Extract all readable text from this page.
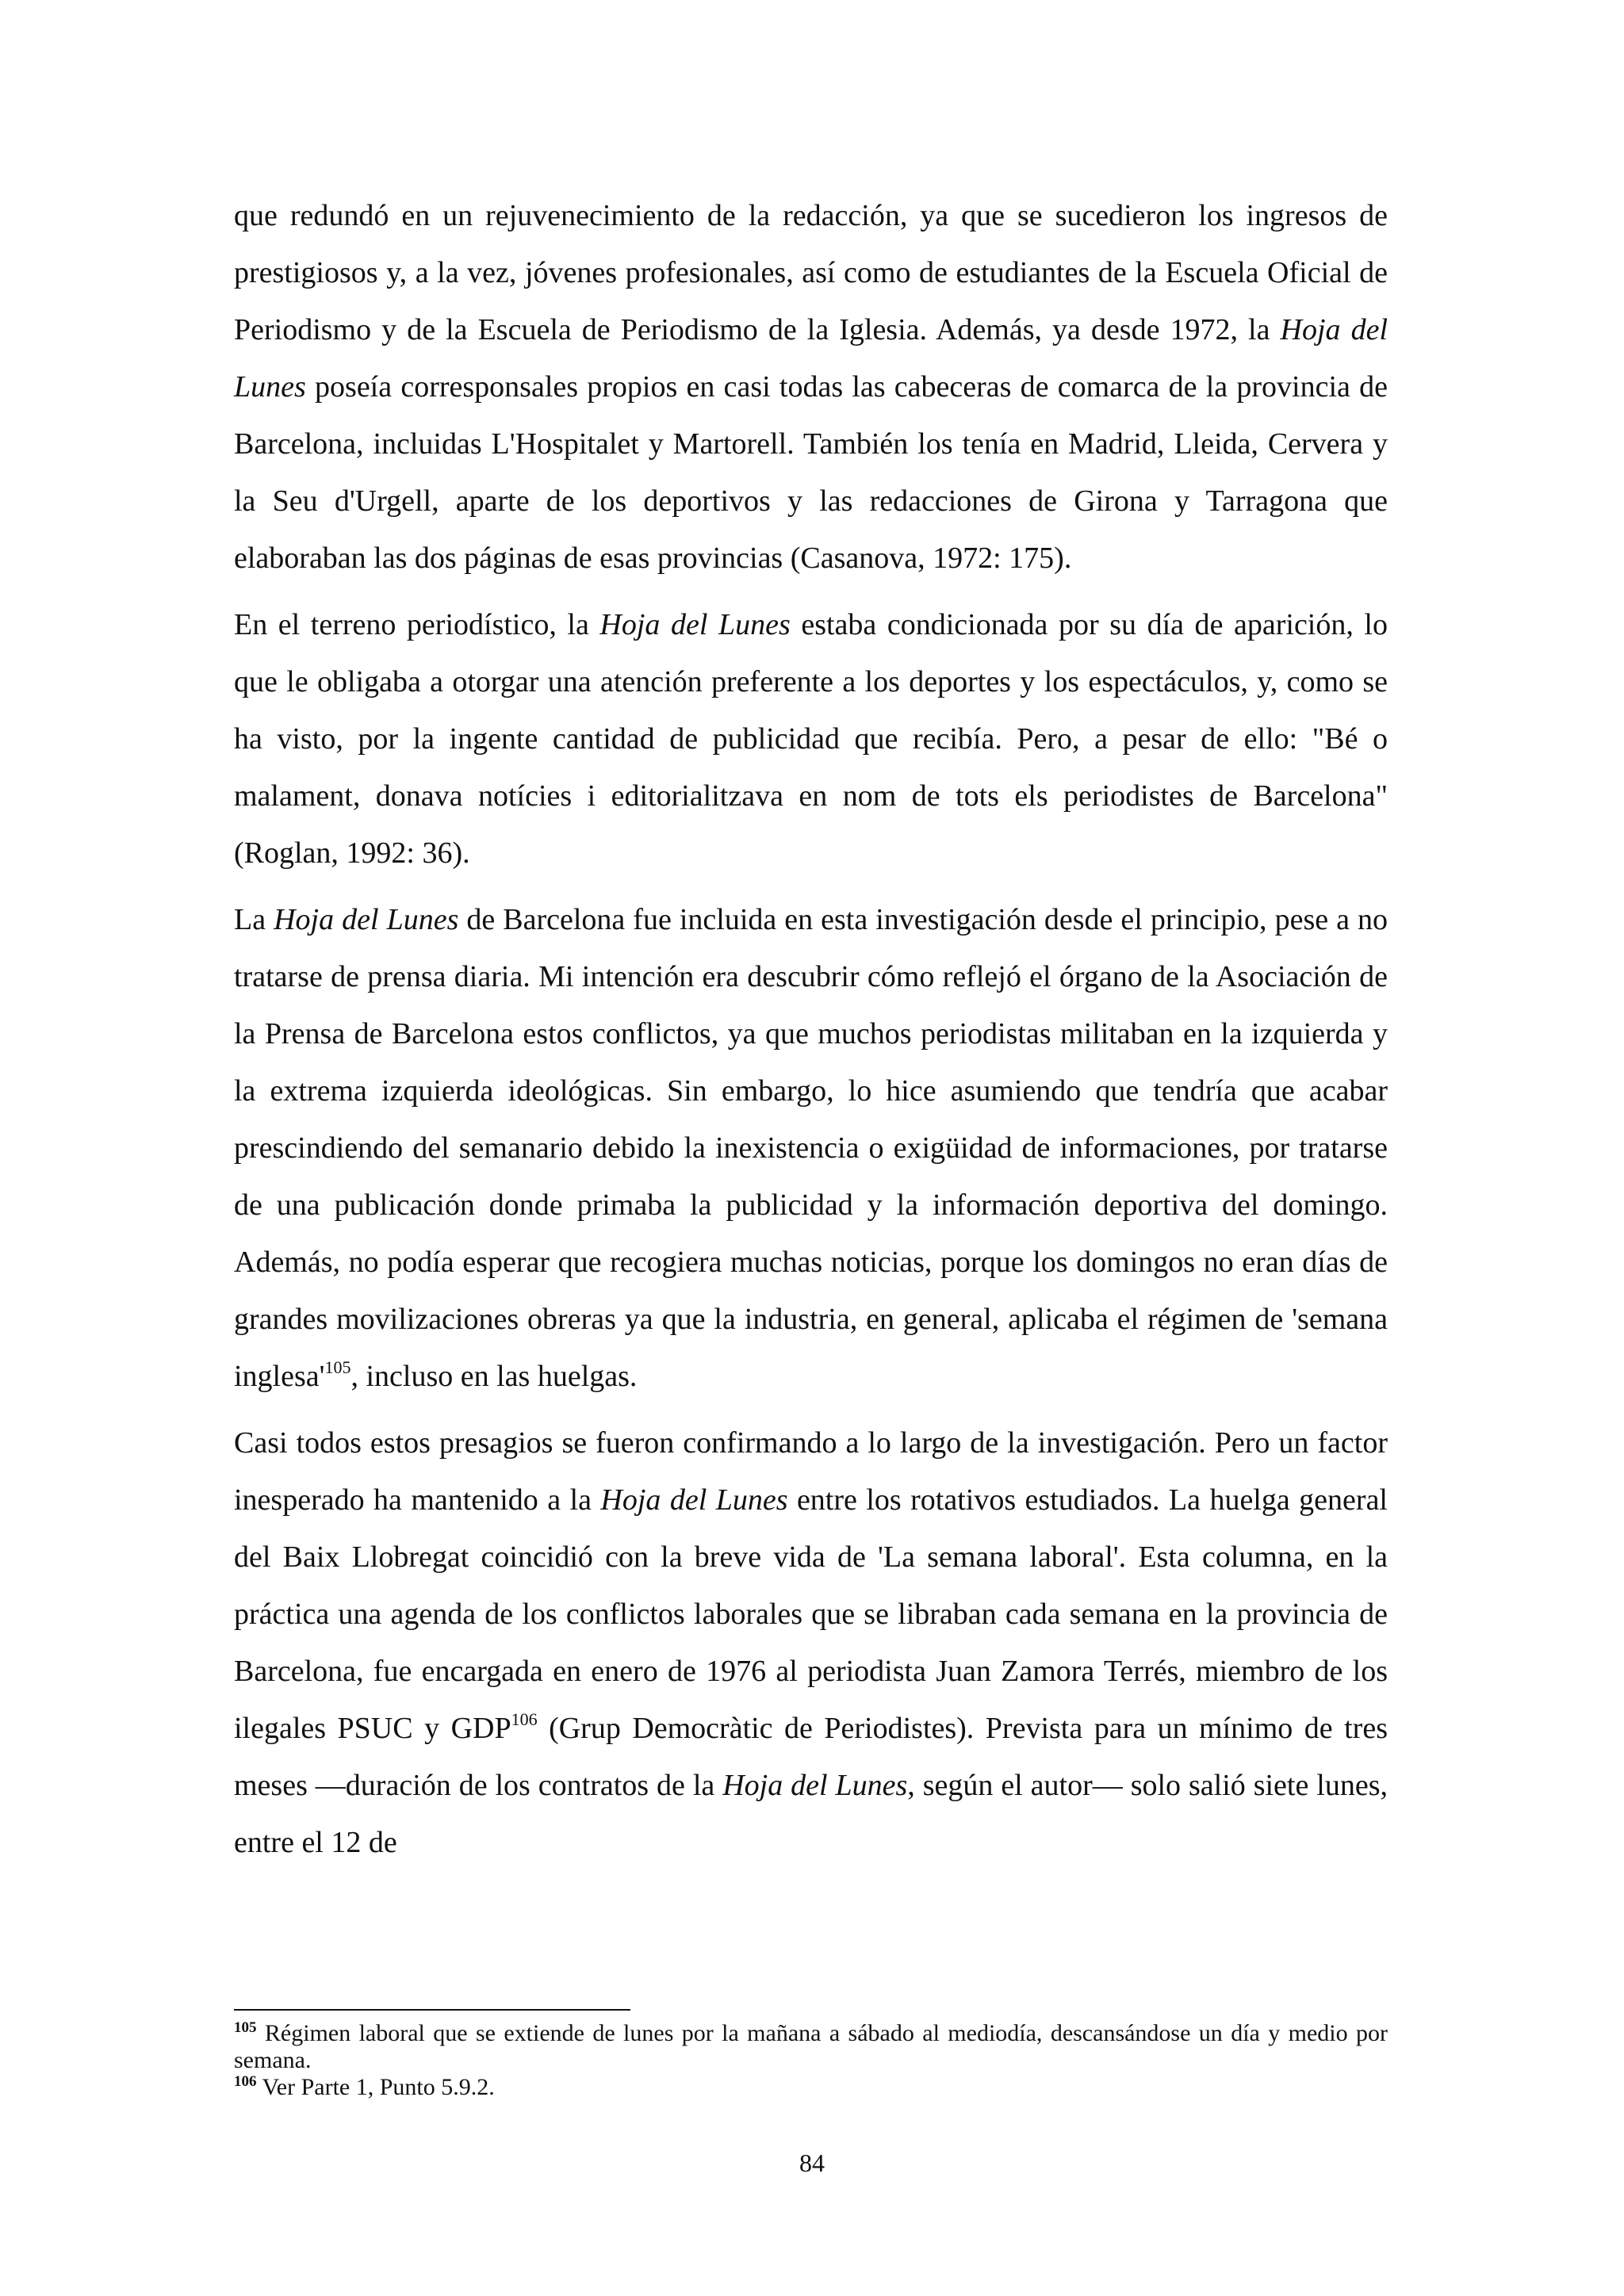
que redundó en un rejuvenecimiento de la redacción, ya que se sucedieron los ingresos de prestigiosos y, a la vez, jóvenes profesionales, así como de estudiantes de la Escuela Oficial de Periodismo y de la Escuela de Periodismo de la Iglesia. Además, ya desde 1972, la Hoja del Lunes poseía corresponsales propios en casi todas las cabeceras de comarca de la provincia de Barcelona, incluidas L'Hospitalet y Martorell. También los tenía en Madrid, Lleida, Cervera y la Seu d'Urgell, aparte de los deportivos y las redacciones de Girona y Tarragona que elaboraban las dos páginas de esas provincias (Casanova, 1972: 175).

En el terreno periodístico, la Hoja del Lunes estaba condicionada por su día de aparición, lo que le obligaba a otorgar una atención preferente a los deportes y los espectáculos, y, como se ha visto, por la ingente cantidad de publicidad que recibía. Pero, a pesar de ello: "Bé o malament, donava notícies i editorialitzava en nom de tots els periodistes de Barcelona" (Roglan, 1992: 36).

La Hoja del Lunes de Barcelona fue incluida en esta investigación desde el principio, pese a no tratarse de prensa diaria. Mi intención era descubrir cómo reflejó el órgano de la Asociación de la Prensa de Barcelona estos conflictos, ya que muchos periodistas militaban en la izquierda y la extrema izquierda ideológicas. Sin embargo, lo hice asumiendo que tendría que acabar prescindiendo del semanario debido la inexistencia o exigüidad de informaciones, por tratarse de una publicación donde primaba la publicidad y la información deportiva del domingo. Además, no podía esperar que recogiera muchas noticias, porque los domingos no eran días de grandes movilizaciones obreras ya que la industria, en general, aplicaba el régimen de 'semana $inglesa'^{105}$, incluso en las huelgas.

Casi todos estos presagios se fueron confirmando a lo largo de la investigación. Pero un factor inesperado ha mantenido a la Hoja del Lunes entre los rotativos estudiados. La huelga general del Baix Llobregat coincidió con la breve vida de 'La semana laboral'. Esta columna, en la práctica una agenda de los conflictos laborales que se libraban cada semana en la provincia de Barcelona, fue encargada en enero de 1976 al periodista Juan Zamora Terrés, miembro de los ilegales PSUC y GDP$^{106}$ (Grup Democràtic de Periodistes). Prevista para un mínimo de tres meses —duración de los contratos de la Hoja del Lunes, según el autor— solo salió siete lunes, entre el 12 de

$^{105}$ Régimen laboral que se extiende de lunes por la mañana a sábado al mediodía, descansándose un día y medio por semana.

$^{106}$ Ver Parte 1, Punto 5.9.2.

84
